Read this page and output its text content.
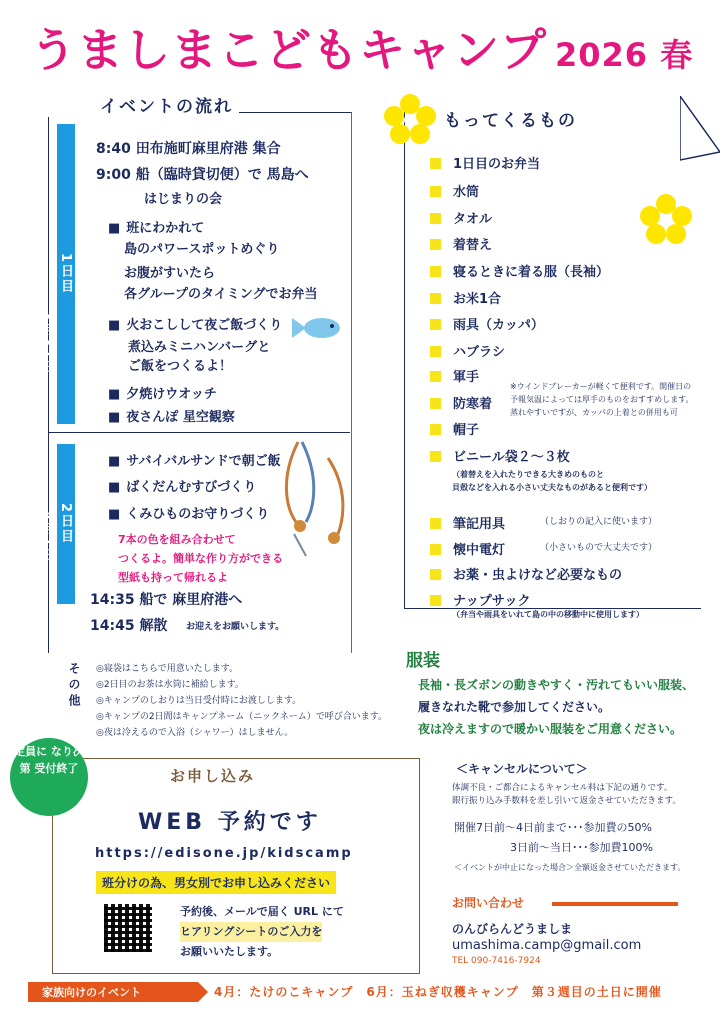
うましまこどもキャンプ 2026 春
イベントの流れ
1日目
3月31日
2日目
4月1日
8:40 田布施町麻里府港 集合
9:00 船（臨時貸切便）で 馬島へ
はじまりの会
■ 班にわかれて
島のパワースポットめぐり
お腹がすいたら
各グループのタイミングでお弁当
■ 火おこしして夜ご飯づくり
煮込みミニハンバーグと
ご飯をつくるよ！
■ 夕焼けウオッチ
■ 夜さんぽ 星空観察
■ サバイバルサンドで朝ご飯
■ ばくだんむすびづくり
■ くみひものお守りづくり
7本の色を組み合わせて
つくるよ。簡単な作り方ができる
型紙も持って帰れるよ
14:35 船で 麻里府港へ
14:45 解散 お迎えをお願いします。
もってくるもの
1日目のお弁当
水筒
タオル
着替え
寝るときに着る服（長袖）
お米1合
雨具（カッパ）
ハブラシ
軍手
防寒着
※ウインドブレーカーが軽くて便利です。開催日の
予報気温によっては厚手のものをおすすめします。
蒸れやすいですが、カッパの上着との併用も可
帽子
ビニール袋２～３枚
（着替えを入れたりできる大きめのものと
貝殻などを入れる小さい丈夫なものがあると便利です）
筆記用具	（しおりの記入に使います）
懐中電灯	（小さいもので大丈夫です）
お薬・虫よけなど必要なもの
ナップサック
（弁当や雨具をいれて島の中の移動中に使用します）
その他 ◎寝袋はこちらで用意いたします。
◎2日目のお茶は水筒に補給します。
◎キャンプのしおりは当日受付時にお渡しします。
◎キャンプの2日間はキャンプネーム（ニックネーム）で呼び合います。
◎夜は冷えるので入浴（シャワー）はしません。
服装
長袖・長ズボンの動きやすく・汚れてもいい服装、
履きなれた靴で参加してください。
夜は冷えますので暖かい服装をご用意ください。
定員に なり次第 受付終了	お申し込み
WEB 予約です
https://edisone.jp/kidscamp
班分けの為、男女別でお申し込みください
予約後、メールで届く URL にて
ヒアリングシートのご入力を
お願いいたします。
＜キャンセルについて＞
体調不良・ご都合によるキャンセル料は下記の通りです。
銀行振り込み手数料を差し引いて返金させていただきます。
開催7日前～4日前まで･･･参加費の50%
3日前～当日･･･参加費100%
＜イベントが中止になった場合＞全額返金させていただきます。
お問い合わせ
のんびらんどうましま
umashima.camp@gmail.com
TEL 090-7416-7924
家族向けのイベント	4月：たけのこキャンプ　6月：玉ねぎ収穫キャンプ　第３週目の土日に開催
